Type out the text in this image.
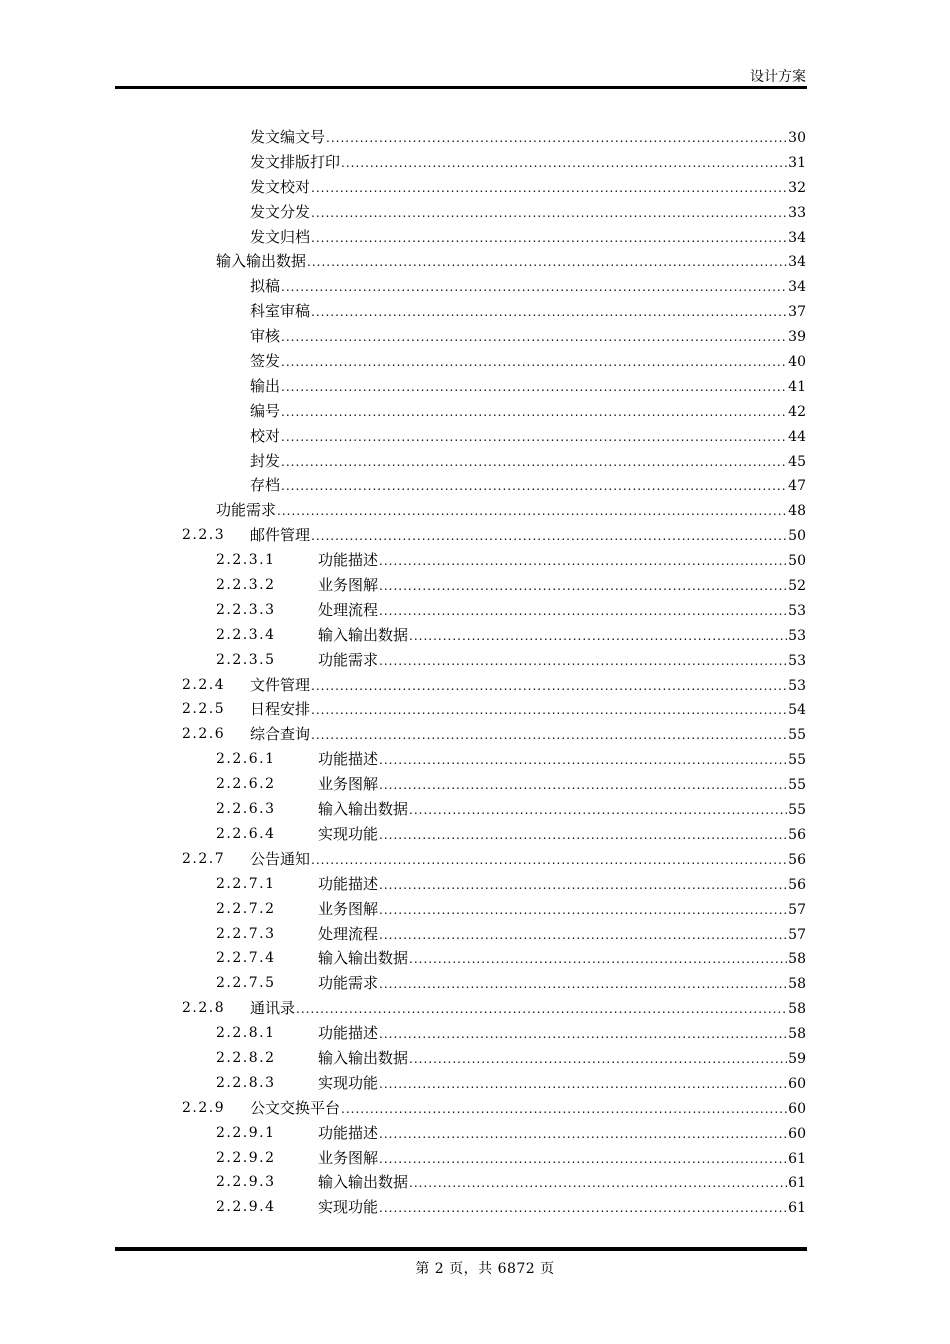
设计方案
发文编文号 .....	30
发文排版打印 .....	31
发文校对 .....	32
发文分发 .....	33
发文归档 .....	34
输入输出数据 .....	34
拟稿 .....	34
科室审稿 .....	37
审核 .....	39
签发 .....	40
输出 .....	41
编号 .....	42
校对 .....	44
封发 .....	45
存档 .....	47
功能需求 .....	48
2.2.3 邮件管理 .....	50
2.2.3.1	功能描述 .....	50
2.2.3.2	业务图解 .....	52
2.2.3.3	处理流程 .....	53
2.2.3.4	输入输出数据 .....	53
2.2.3.5	功能需求 .....	53
2.2.4 文件管理 .....	53
2.2.5 日程安排 .....	54
2.2.6 综合查询 .....	55
2.2.6.1	功能描述 .....	55
2.2.6.2	业务图解 .....	55
2.2.6.3	输入输出数据 .....	55
2.2.6.4	实现功能 .....	56
2.2.7 公告通知 .....	56
2.2.7.1	功能描述 .....	56
2.2.7.2	业务图解 .....	57
2.2.7.3	处理流程 .....	57
2.2.7.4	输入输出数据 .....	58
2.2.7.5	功能需求 .....	58
2.2.8 通讯录 .....	58
2.2.8.1	功能描述 .....	58
2.2.8.2	输入输出数据 .....	59
2.2.8.3	实现功能 .....	60
2.2.9 公文交换平台 .....	60
2.2.9.1	功能描述 .....	60
2.2.9.2	业务图解 .....	61
2.2.9.3	输入输出数据 .....	61
2.2.9.4	实现功能 .....	61
第 2 页，共 6872 页
